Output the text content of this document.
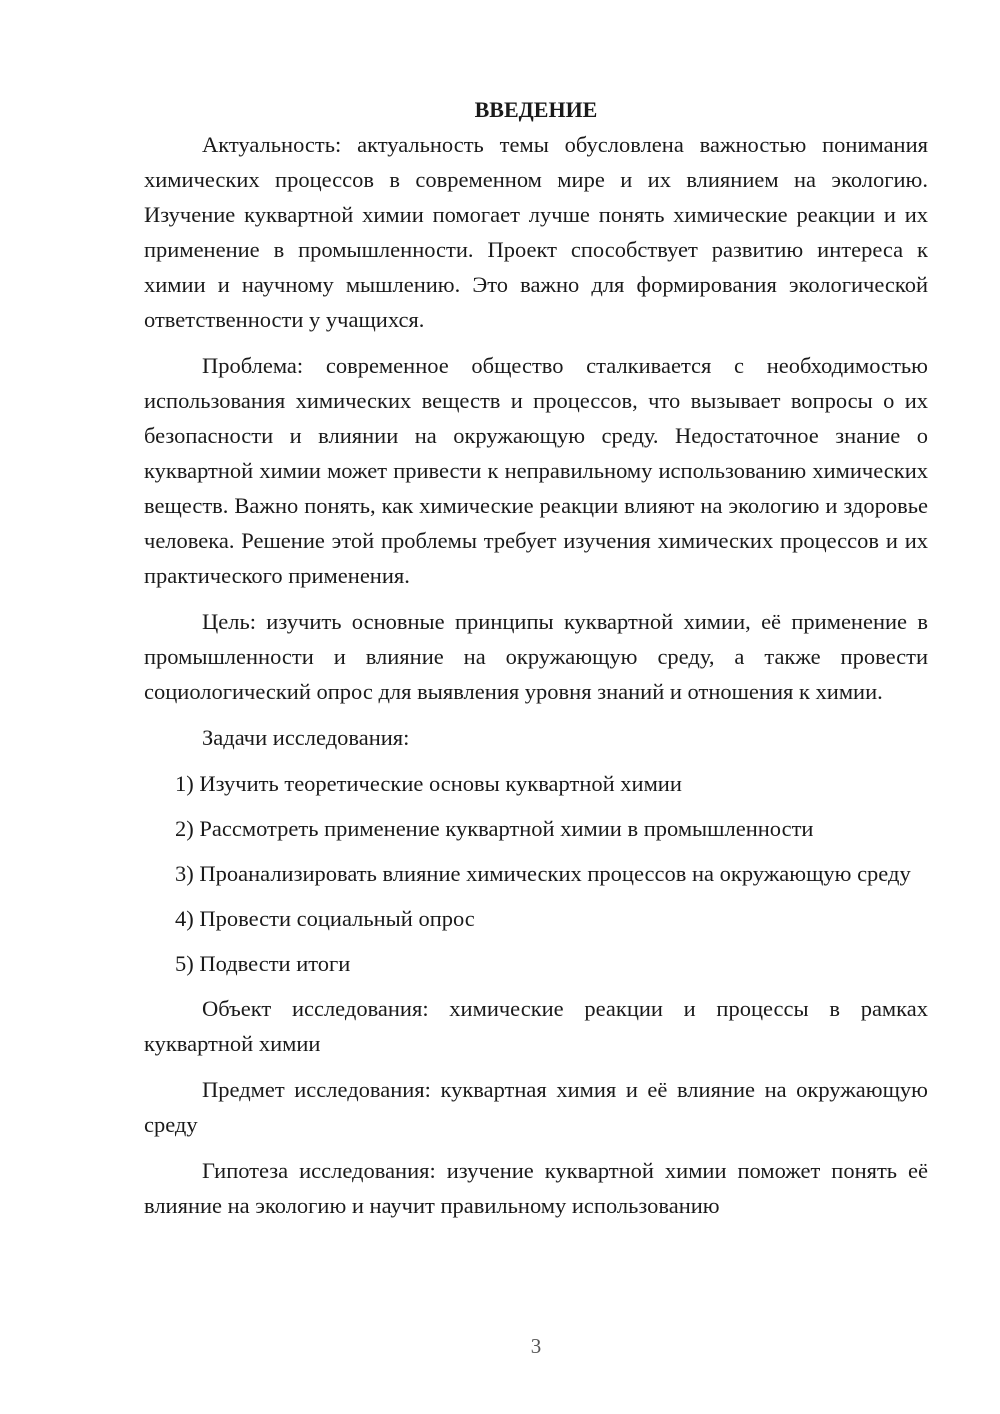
ВВЕДЕНИЕ

Актуальность: актуальность темы обусловлена важностью понимания химических процессов в современном мире и их влиянием на экологию. Изучение куквартной химии помогает лучше понять химические реакции и их применение в промышленности. Проект способствует развитию интереса к химии и научному мышлению. Это важно для формирования экологической ответственности у учащихся.

Проблема: современное общество сталкивается с необходимостью использования химических веществ и процессов, что вызывает вопросы о их безопасности и влиянии на окружающую среду. Недостаточное знание о куквартной химии может привести к неправильному использованию химических веществ. Важно понять, как химические реакции влияют на экологию и здоровье человека. Решение этой проблемы требует изучения химических процессов и их практического применения.

Цель: изучить основные принципы куквартной химии, её применение в промышленности и влияние на окружающую среду, а также провести социологический опрос для выявления уровня знаний и отношения к химии.

Задачи исследования:

1) Изучить теоретические основы куквартной химии

2) Рассмотреть применение куквартной химии в промышленности

3) Проанализировать влияние химических процессов на окружающую среду

4) Провести социальный опрос

5) Подвести итоги

Объект исследования: химические реакции и процессы в рамках куквартной химии

Предмет исследования: куквартная химия и её влияние на окружающую среду

Гипотеза исследования: изучение куквартной химии поможет понять её влияние на экологию и научит правильному использованию

3
